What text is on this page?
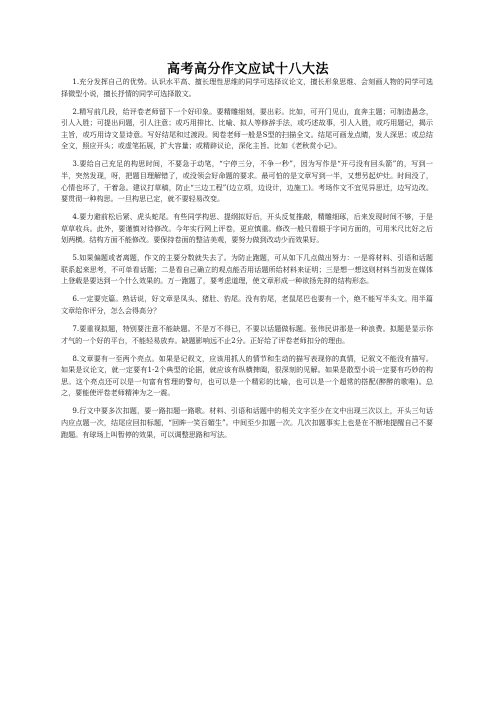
高考高分作文应试十八大法

1.充分发挥自己的优势。认识水平高、擅长理性思维的同学可选择议论文，擅长形象思维、会刻画人物的同学可选择微型小说，擅长抒情的同学可选择散文。

2.精写前几段，给评卷老师留下一个好印象。要精雕细刻，要出彩。比如，可开门见山，直奔主题；可制造悬念，引人入胜；可提出问题，引人注意；或巧用排比、比喻、拟人等修辞手法，或巧述故事，引人入胜，或巧用题记，揭示主旨，或巧用诗文显诗意。写好结尾和过渡段。阅卷老师一般是S型的扫描全文。结尾可画龙点睛，发人深思；或总结全文，照应开头；或虚笔拓展，扩大容量；或精辟议论，深化主旨。比如《老秋赏小记》。

3.要给自己充足的构思时间，不要急于动笔，“宁停三分，不争一秒”，因为写作是“开弓没有回头箭”的，写到一半，突然发现，呀，把题目理解错了，或没领会好命题的要求。最可怕的是文章写到一半，又想另起炉灶。时间没了，心情也坏了，干着急。建议打草稿，防止“三边工程”(边立项，边设计，边施工)。考场作文不宜见异思迁，边写边改。要贯彻一种构思。一旦构思已定，就不要轻易改变。

4.要力避前松后紧、虎头蛇尾。有些同学构思、提纲拟好后，开头反复推敲，精雕细琢，后来发现时间不够，于是草草收兵。此外，要谨慎对待修改。今年实行网上评卷，更应慎重。修改一般只看眼于字词方面的，可用米尺比好之后划两横。结构方面不能修改。要保持卷面的整洁美观，要努力做到改动少而效果好。

5.如果偏题或者离题，作文的主要分数就失去了。为防止跑题，可从如下几点做出努力：一是将材料、引语和话题联系起来思考，不可单看话题；二是看自己确立的观点能否用话题所给材料来证明；三是想一想这则材料当初发在媒体上登载是要达到一个什么效果的。万一跑题了，要考虑道理，使文章形成一种欲扬先抑的结构形态。

6.一定要完篇。熟话说，好文章是凤头、猪肚、豹尾。没有豹尾，老鼠尾巴也要有一个，绝不能写半头文。用半篇文章给你评分，怎么会得高分？

7.要重视拟题，特别要注意不能缺题。不是万不得已，不要以话题做标题。张伟民讲那是一种浪费。拟题是显示你才气的一个好的平台，不能轻易放弃。缺题影响远不止2分。正好给了评卷老师扣分的理由。

8.文章要有一至两个亮点。如果是记叙文，应该用抓人的情节和生动的描写表现你的真情，记叙文不能没有描写。如果是议论文，就一定要有1-2个典型的论据，就应该有纵横捭阖，很深刻的见解。如果是散型小说一定要有巧妙的构思。这个亮点还可以是一句富有哲理的警句，也可以是一个精彩的比喻，也可以是一个超常的搭配(醉醉的歌唯)。总之，要能使评卷老师精神为之一震。

9.行文中要多次扣题，要一路扣题一路歌。材料、引语和话题中的相关文字至少在文中出现三次以上，开头三句话内应点题一次，结尾应回扣标题，“回眸一笑百媚生”。中间至少扣题一次。几次扣题事实上也是在不断地提醒自己不要跑题。有球场上叫暂停的效果，可以调整思路和写法。
